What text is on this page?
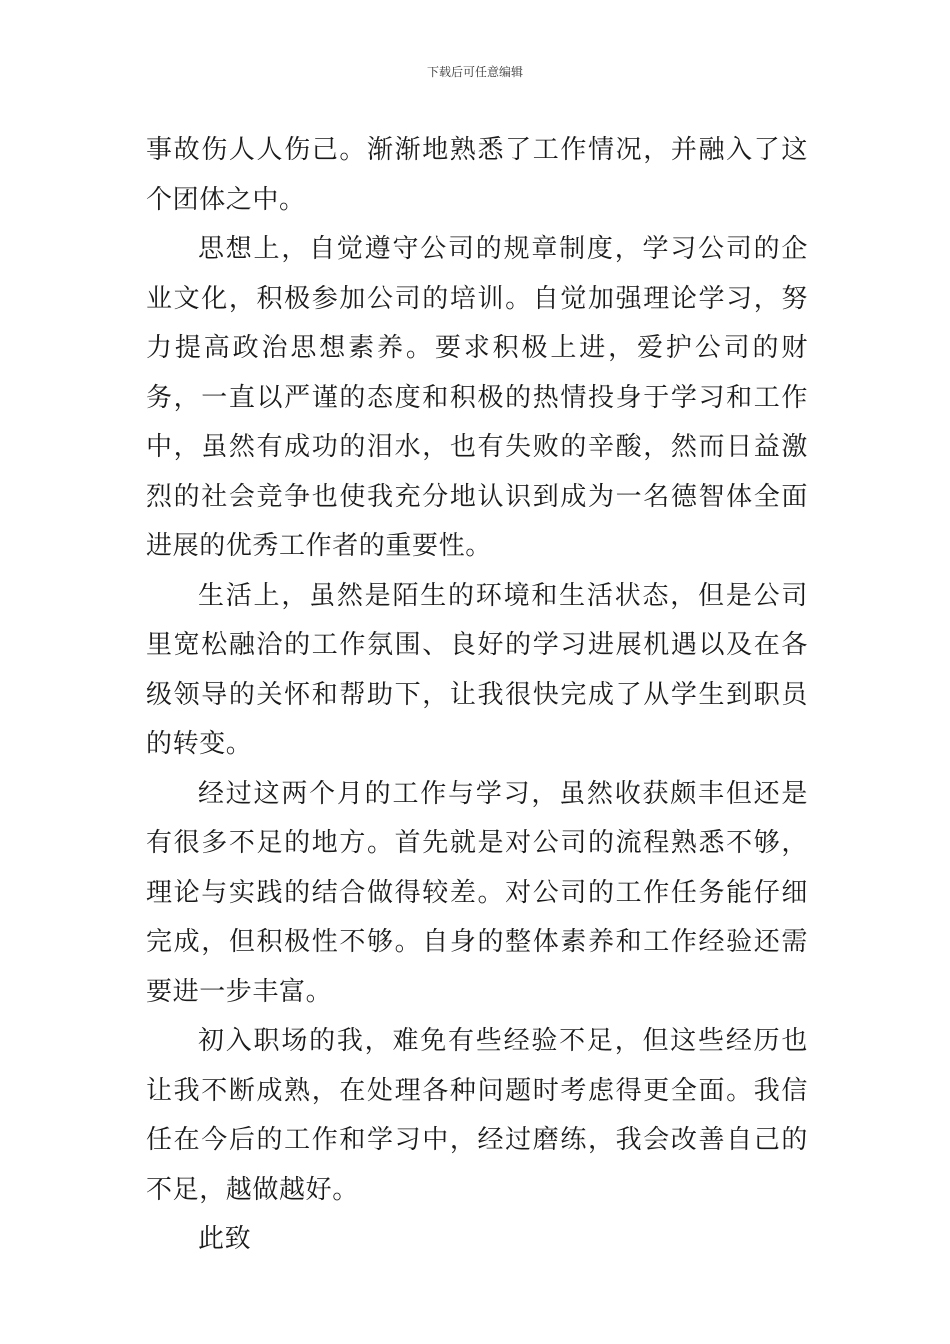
下载后可任意编辑

事故伤人人伤己。渐渐地熟悉了工作情况，并融入了这个团体之中。

思想上，自觉遵守公司的规章制度，学习公司的企业文化，积极参加公司的培训。自觉加强理论学习，努力提高政治思想素养。要求积极上进，爱护公司的财务，一直以严谨的态度和积极的热情投身于学习和工作中，虽然有成功的泪水，也有失败的辛酸，然而日益激烈的社会竞争也使我充分地认识到成为一名德智体全面进展的优秀工作者的重要性。

生活上，虽然是陌生的环境和生活状态，但是公司里宽松融洽的工作氛围、良好的学习进展机遇以及在各级领导的关怀和帮助下，让我很快完成了从学生到职员的转变。

经过这两个月的工作与学习，虽然收获颇丰但还是有很多不足的地方。首先就是对公司的流程熟悉不够，理论与实践的结合做得较差。对公司的工作任务能仔细完成，但积极性不够。自身的整体素养和工作经验还需要进一步丰富。

初入职场的我，难免有些经验不足，但这些经历也让我不断成熟，在处理各种问题时考虑得更全面。我信任在今后的工作和学习中，经过磨练，我会改善自己的不足，越做越好。

此致
